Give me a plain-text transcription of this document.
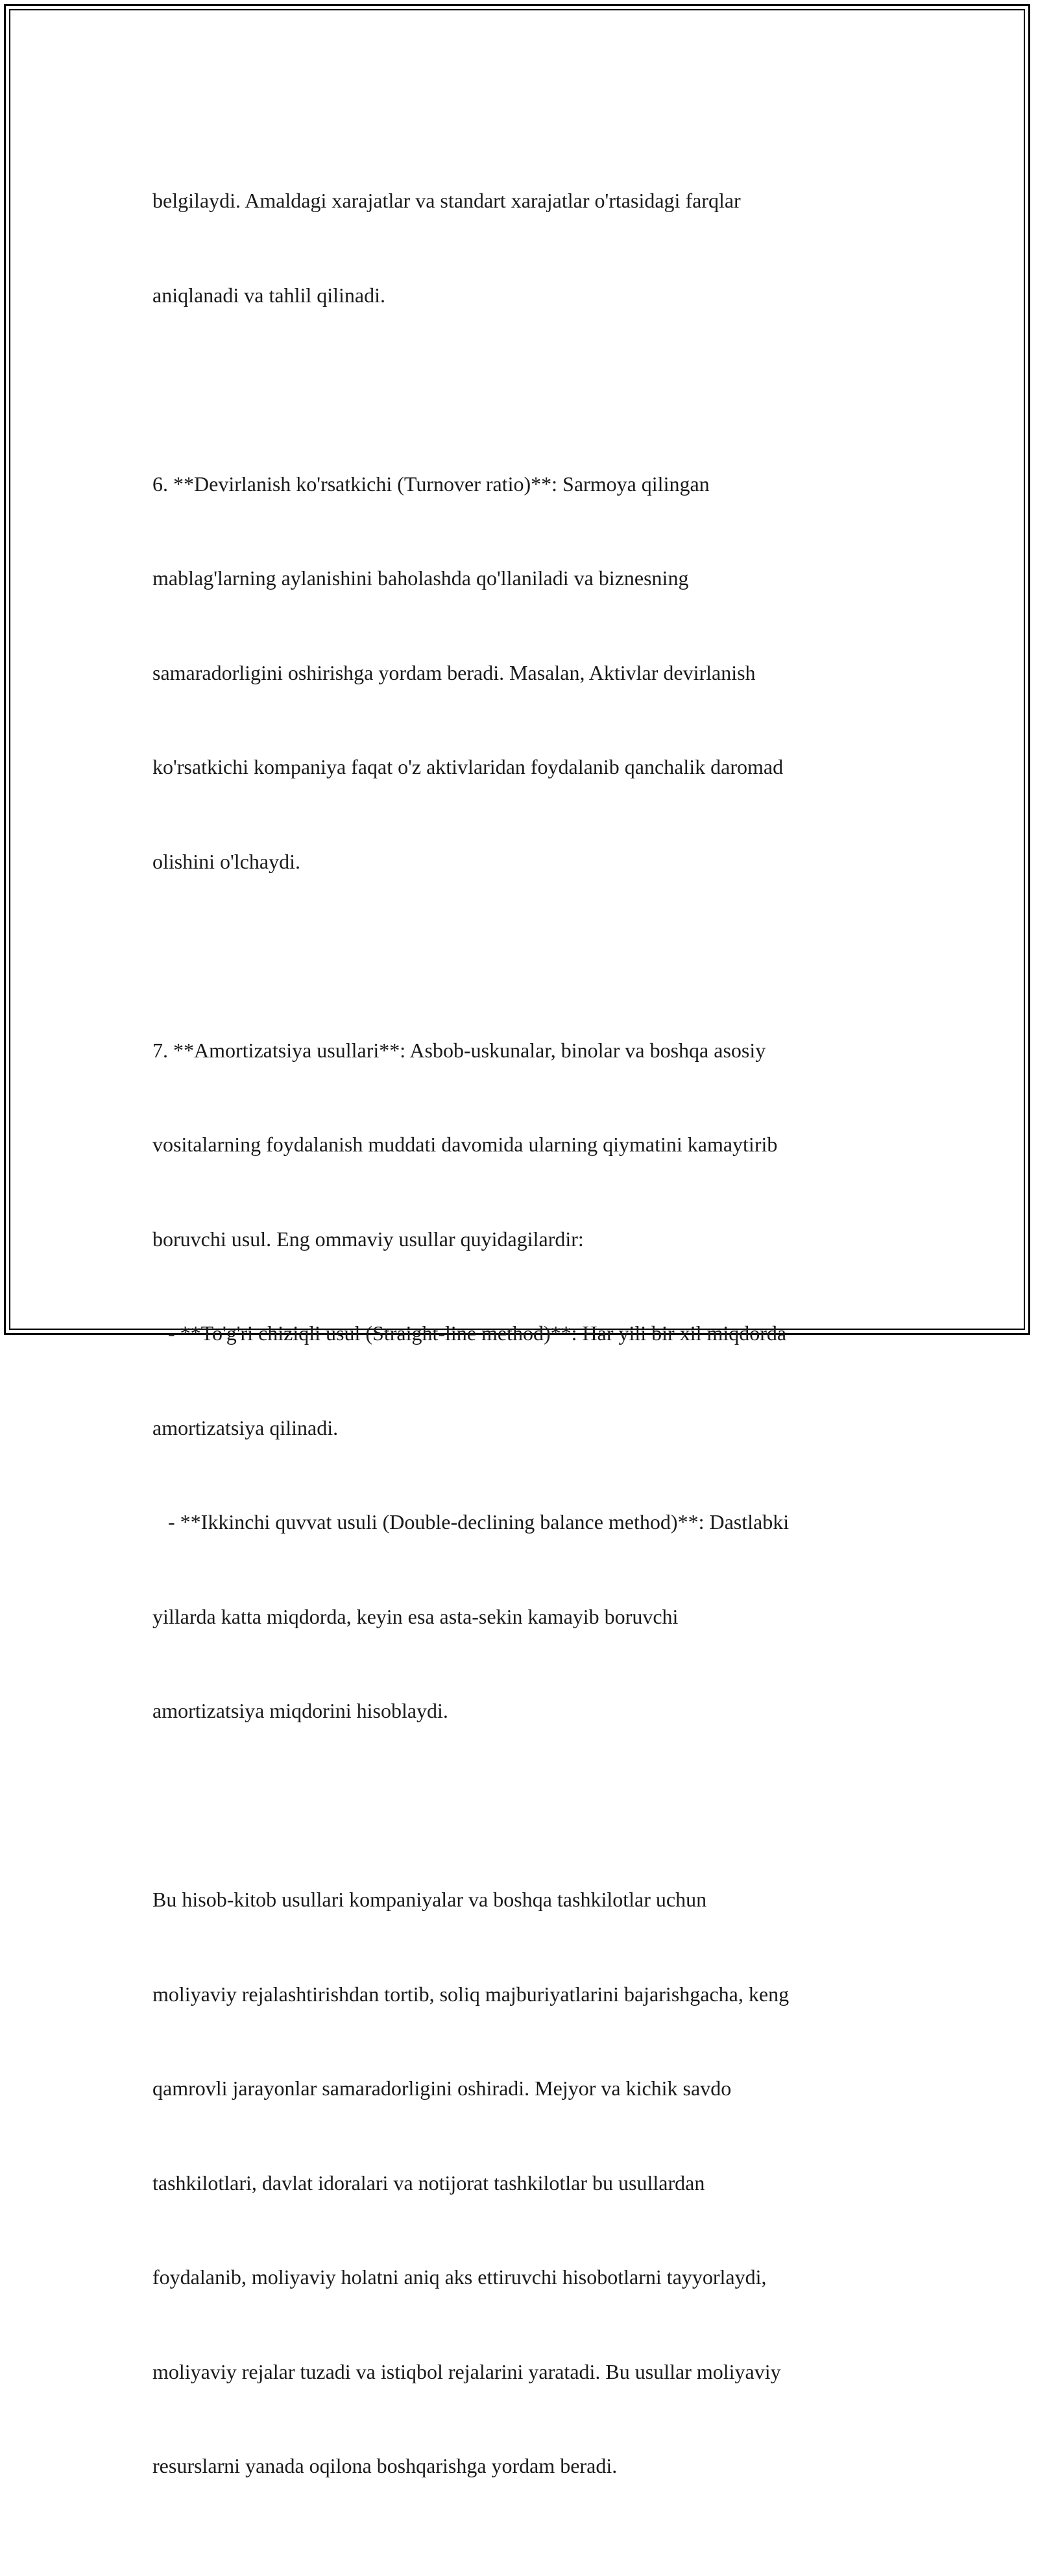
belgilaydi. Amaldagi xarajatlar va standart xarajatlar o'rtasidagi farqlar

aniqlanadi va tahlil qilinadi.

6. **Devirlanish ko'rsatkichi (Turnover ratio)**: Sarmoya qilingan

mablag'larning aylanishini baholashda qo'llaniladi va biznesning

samaradorligini oshirishga yordam beradi. Masalan, Aktivlar devirlanish

ko'rsatkichi kompaniya faqat o'z aktivlaridan foydalanib qanchalik daromad

olishini o'lchaydi.

7. **Amortizatsiya usullari**: Asbob-uskunalar, binolar va boshqa asosiy

vositalarning foydalanish muddati davomida ularning qiymatini kamaytirib

boruvchi usul. Eng ommaviy usullar quyidagilardir:

- **To'g'ri chiziqli usul (Straight-line method)**: Har yili bir xil miqdorda

amortizatsiya qilinadi.

- **Ikkinchi quvvat usuli (Double-declining balance method)**: Dastlabki

yillarda katta miqdorda, keyin esa asta-sekin kamayib boruvchi

amortizatsiya miqdorini hisoblaydi.

Bu hisob-kitob usullari kompaniyalar va boshqa tashkilotlar uchun

moliyaviy rejalashtirishdan tortib, soliq majburiyatlarini bajarishgacha, keng

qamrovli jarayonlar samaradorligini oshiradi. Mejyor va kichik savdo

tashkilotlari, davlat idoralari va notijorat tashkilotlar bu usullardan

foydalanib, moliyaviy holatni aniq aks ettiruvchi hisobotlarni tayyorlaydi,

moliyaviy rejalar tuzadi va istiqbol rejalarini yaratadi. Bu usullar moliyaviy

resurslarni yanada oqilona boshqarishga yordam beradi.
